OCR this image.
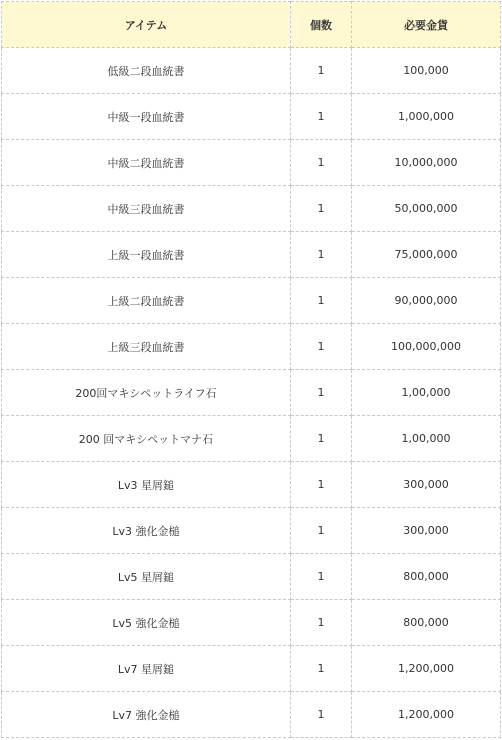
アイテム	個数	必要金貨
低級二段血統書	1	100,000
中級一段血統書	1	1,000,000
中級二段血統書	1	10,000,000
中級三段血統書	1	50,000,000
上級一段血統書	1	75,000,000
上級二段血統書	1	90,000,000
上級三段血統書	1	100,000,000
200回マキシペットライフ石	1	1,00,000
200 回マキシペットマナ石	1	1,00,000
Lv3 星屑鎚	1	300,000
Lv3 強化金槌	1	300,000
Lv5 星屑鎚	1	800,000
Lv5 強化金槌	1	800,000
Lv7 星屑鎚	1	1,200,000
Lv7 強化金槌	1	1,200,000
